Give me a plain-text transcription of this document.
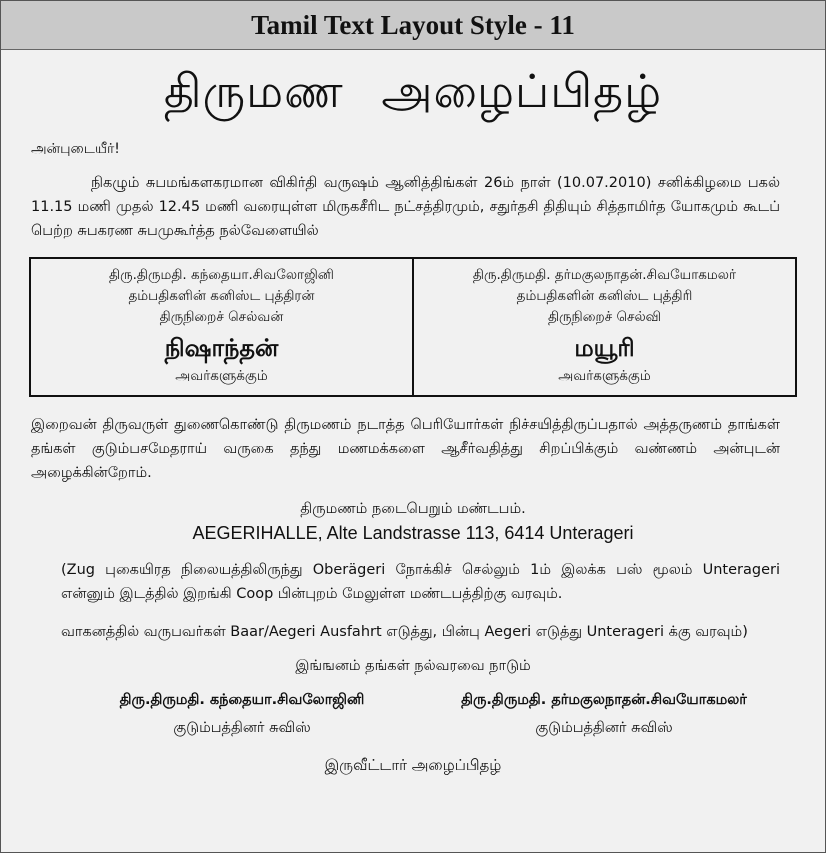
Tamil Text Layout Style - 11
திருமண அழைப்பிதழ்
அன்புடையீர்!
நிகழும் சுபமங்களகரமான விகிர்தி வருஷம் ஆனித்திங்கள் 26ம் நாள் (10.07.2010) சனிக்கிழமை பகல் 11.15 மணி முதல் 12.45 மணி வரையுள்ள மிருகசீரிட நட்சத்திரமும், சதுர்தசி திதியும் சித்தாமிர்த யோகமும் கூடப் பெற்ற சுபகரண சுபமுகூர்த்த நல்வேளையில்
திரு.திருமதி. கந்தையா.சிவலோஜினி
தம்பதிகளின் கனிஸ்ட புத்திரன்
திருநிறைச் செல்வன்
நிஷாந்தன்
அவர்களுக்கும்
திரு.திருமதி. தர்மகுலநாதன்.சிவயோகமலர்
தம்பதிகளின் கனிஸ்ட புத்திரி
திருநிறைச் செல்வி
மயூரி
அவர்களுக்கும்
இறைவன் திருவருள் துணைகொண்டு திருமணம் நடாத்த பெரியோர்கள் நிச்சயித்திருப்பதால் அத்தருணம் தாங்கள் தங்கள் குடும்பசமேதராய் வருகை தந்து மணமக்களை ஆசீர்வதித்து சிறப்பிக்கும் வண்ணம் அன்புடன் அழைக்கின்றோம்.
திருமணம் நடைபெறும் மண்டபம்.
AEGERIHALLE, Alte Landstrasse 113, 6414 Unterageri
(Zug புகையிரத நிலையத்திலிருந்து Oberägeri நோக்கிச் செல்லும் 1ம் இலக்க பஸ் மூலம் Unterageri என்னும் இடத்தில் இறங்கி Coop பின்புறம் மேலுள்ள மண்டபத்திற்கு வரவும்.
வாகனத்தில் வருபவர்கள் Baar/Aegeri Ausfahrt எடுத்து, பின்பு Aegeri எடுத்து Unterageri க்கு வரவும்)
இங்ஙனம் தங்கள் நல்வரவை நாடும்
திரு.திருமதி. கந்தையா.சிவலோஜினி
குடும்பத்தினர் சுவிஸ்
திரு.திருமதி. தர்மகுலநாதன்.சிவயோகமலர்
குடும்பத்தினர் சுவிஸ்
இருவீட்டார் அழைப்பிதழ்
